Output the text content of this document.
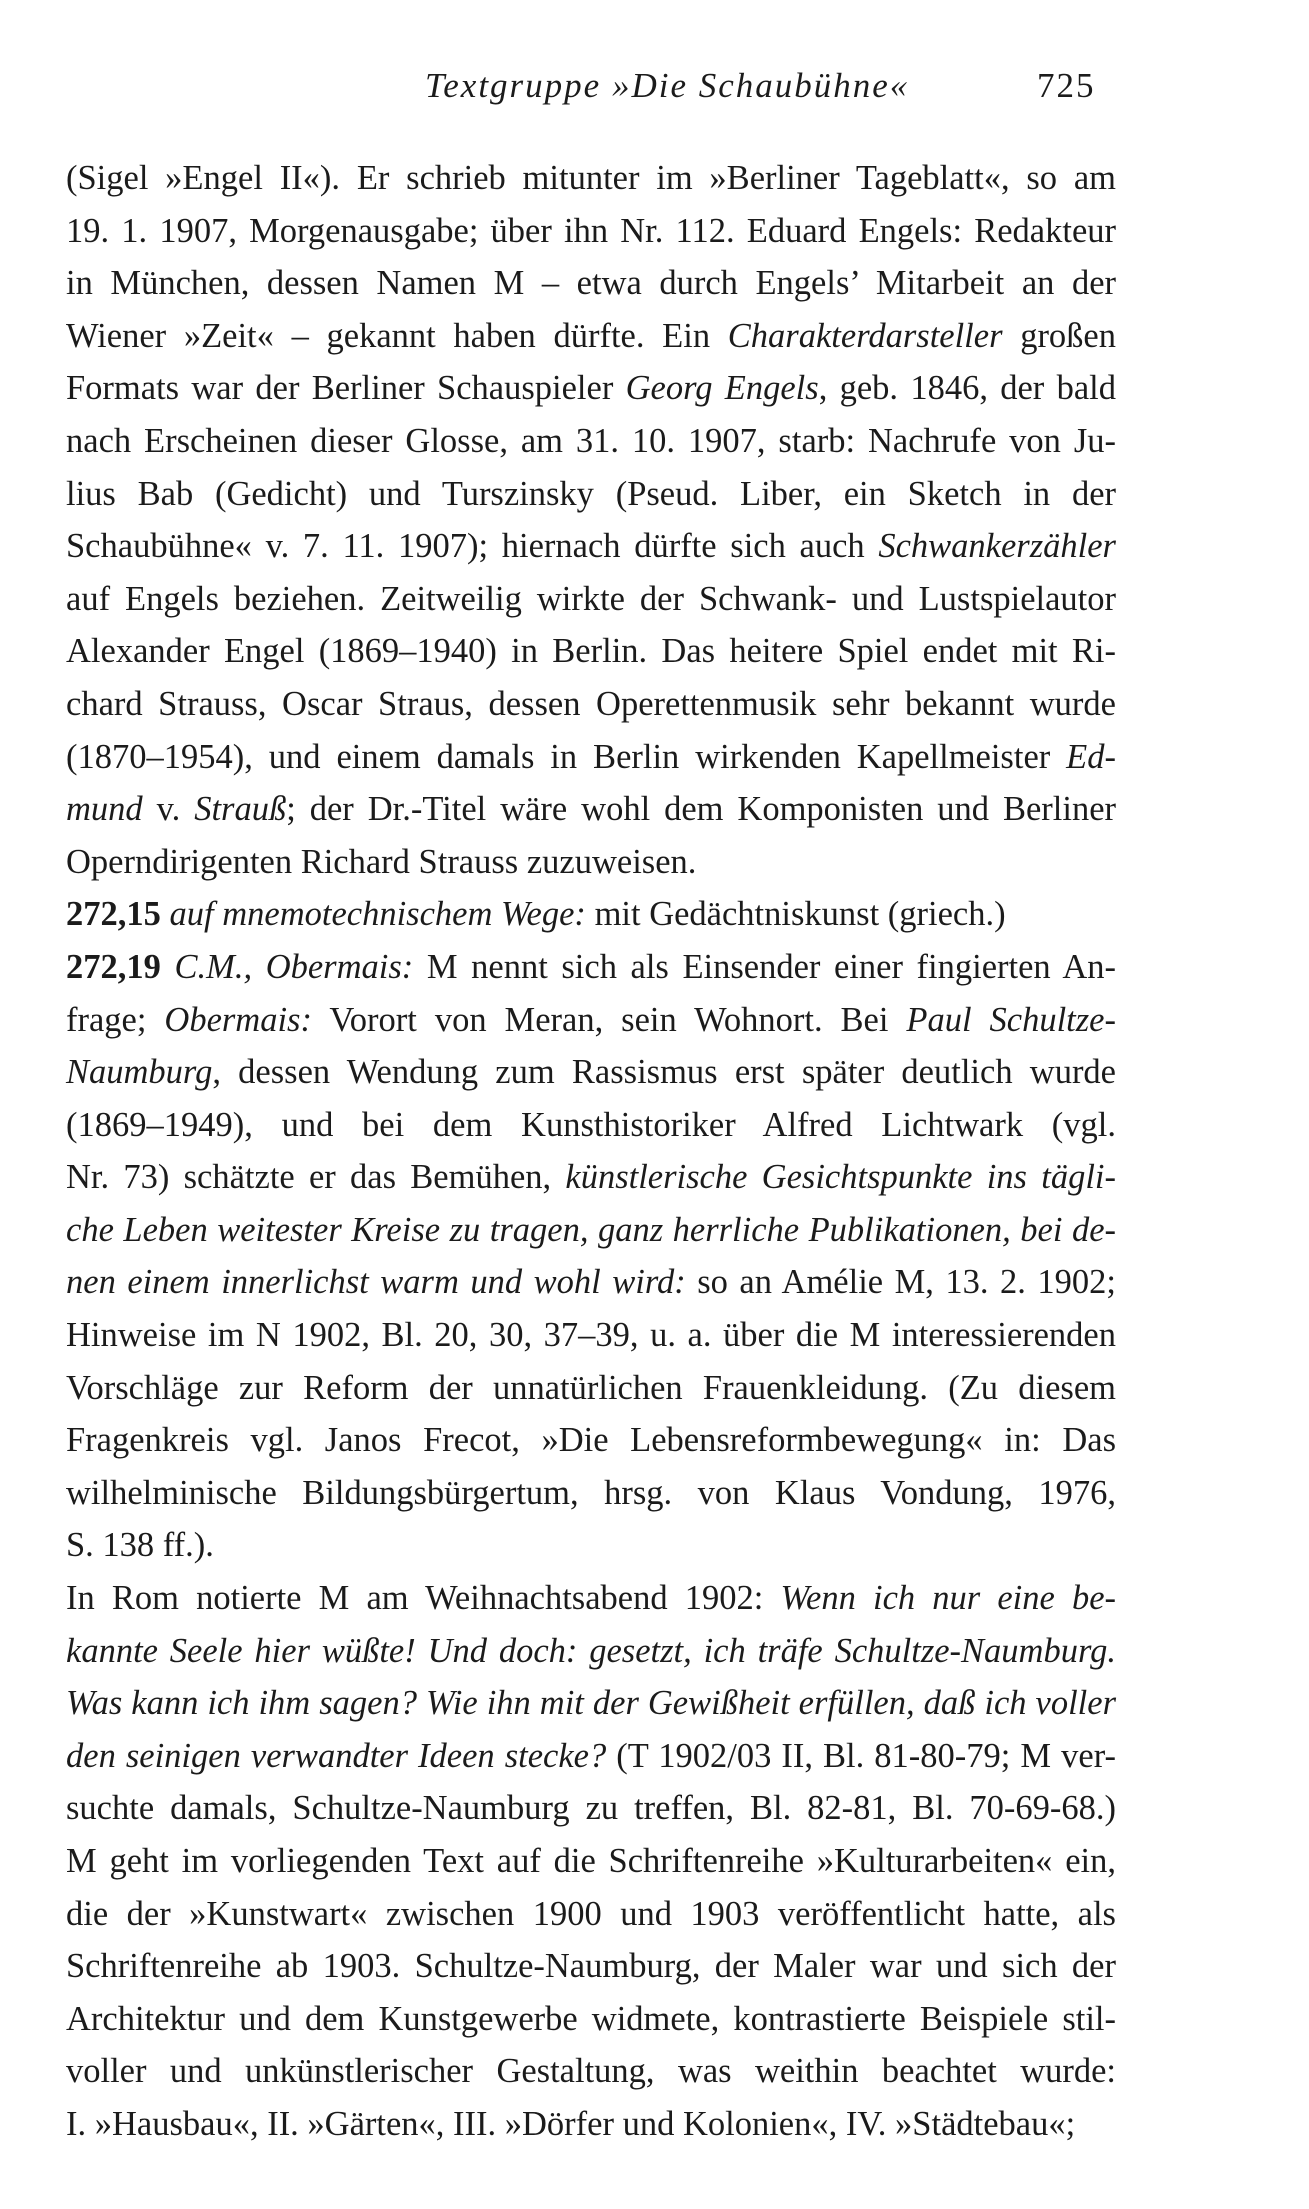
Textgruppe »Die Schaubühne«	725
(Sigel »Engel II«). Er schrieb mitunter im »Berliner Tageblatt«, so am
19. 1. 1907, Morgenausgabe; über ihn Nr. 112. Eduard Engels: Redakteur
in München, dessen Namen M – etwa durch Engels’ Mitarbeit an der
Wiener »Zeit« – gekannt haben dürfte. Ein Charakterdarsteller großen
Formats war der Berliner Schauspieler Georg Engels, geb. 1846, der bald
nach Erscheinen dieser Glosse, am 31. 10. 1907, starb: Nachrufe von Ju-
lius Bab (Gedicht) und Turszinsky (Pseud. Liber, ein Sketch in der
Schaubühne« v. 7. 11. 1907); hiernach dürfte sich auch Schwankerzähler
auf Engels beziehen. Zeitweilig wirkte der Schwank- und Lustspielautor
Alexander Engel (1869–1940) in Berlin. Das heitere Spiel endet mit Ri-
chard Strauss, Oscar Straus, dessen Operettenmusik sehr bekannt wurde
(1870–1954), und einem damals in Berlin wirkenden Kapellmeister Ed-
mund v. Strauß; der Dr.-Titel wäre wohl dem Komponisten und Berliner
Operndirigenten Richard Strauss zuzuweisen.
272,15 auf mnemotechnischem Wege: mit Gedächtniskunst (griech.)
272,19 C.M., Obermais: M nennt sich als Einsender einer fingierten An-
frage; Obermais: Vorort von Meran, sein Wohnort. Bei Paul Schultze-
Naumburg, dessen Wendung zum Rassismus erst später deutlich wurde
(1869–1949), und bei dem Kunsthistoriker Alfred Lichtwark (vgl.
Nr. 73) schätzte er das Bemühen, künstlerische Gesichtspunkte ins tägli-
che Leben weitester Kreise zu tragen, ganz herrliche Publikationen, bei de-
nen einem innerlichst warm und wohl wird: so an Amélie M, 13. 2. 1902;
Hinweise im N 1902, Bl. 20, 30, 37–39, u. a. über die M interessierenden
Vorschläge zur Reform der unnatürlichen Frauenkleidung. (Zu diesem
Fragenkreis vgl. Janos Frecot, »Die Lebensreformbewegung« in: Das
wilhelminische Bildungsbürgertum, hrsg. von Klaus Vondung, 1976,
S. 138 ff.).
In Rom notierte M am Weihnachtsabend 1902: Wenn ich nur eine be-
kannte Seele hier wüßte! Und doch: gesetzt, ich träfe Schultze-Naumburg.
Was kann ich ihm sagen? Wie ihn mit der Gewißheit erfüllen, daß ich voller
den seinigen verwandter Ideen stecke? (T 1902/03 II, Bl. 81-80-79; M ver-
suchte damals, Schultze-Naumburg zu treffen, Bl. 82-81, Bl. 70-69-68.)
M geht im vorliegenden Text auf die Schriftenreihe »Kulturarbeiten« ein,
die der »Kunstwart« zwischen 1900 und 1903 veröffentlicht hatte, als
Schriftenreihe ab 1903. Schultze-Naumburg, der Maler war und sich der
Architektur und dem Kunstgewerbe widmete, kontrastierte Beispiele stil-
voller und unkünstlerischer Gestaltung, was weithin beachtet wurde:
I. »Hausbau«, II. »Gärten«, III. »Dörfer und Kolonien«, IV. »Städtebau«;
